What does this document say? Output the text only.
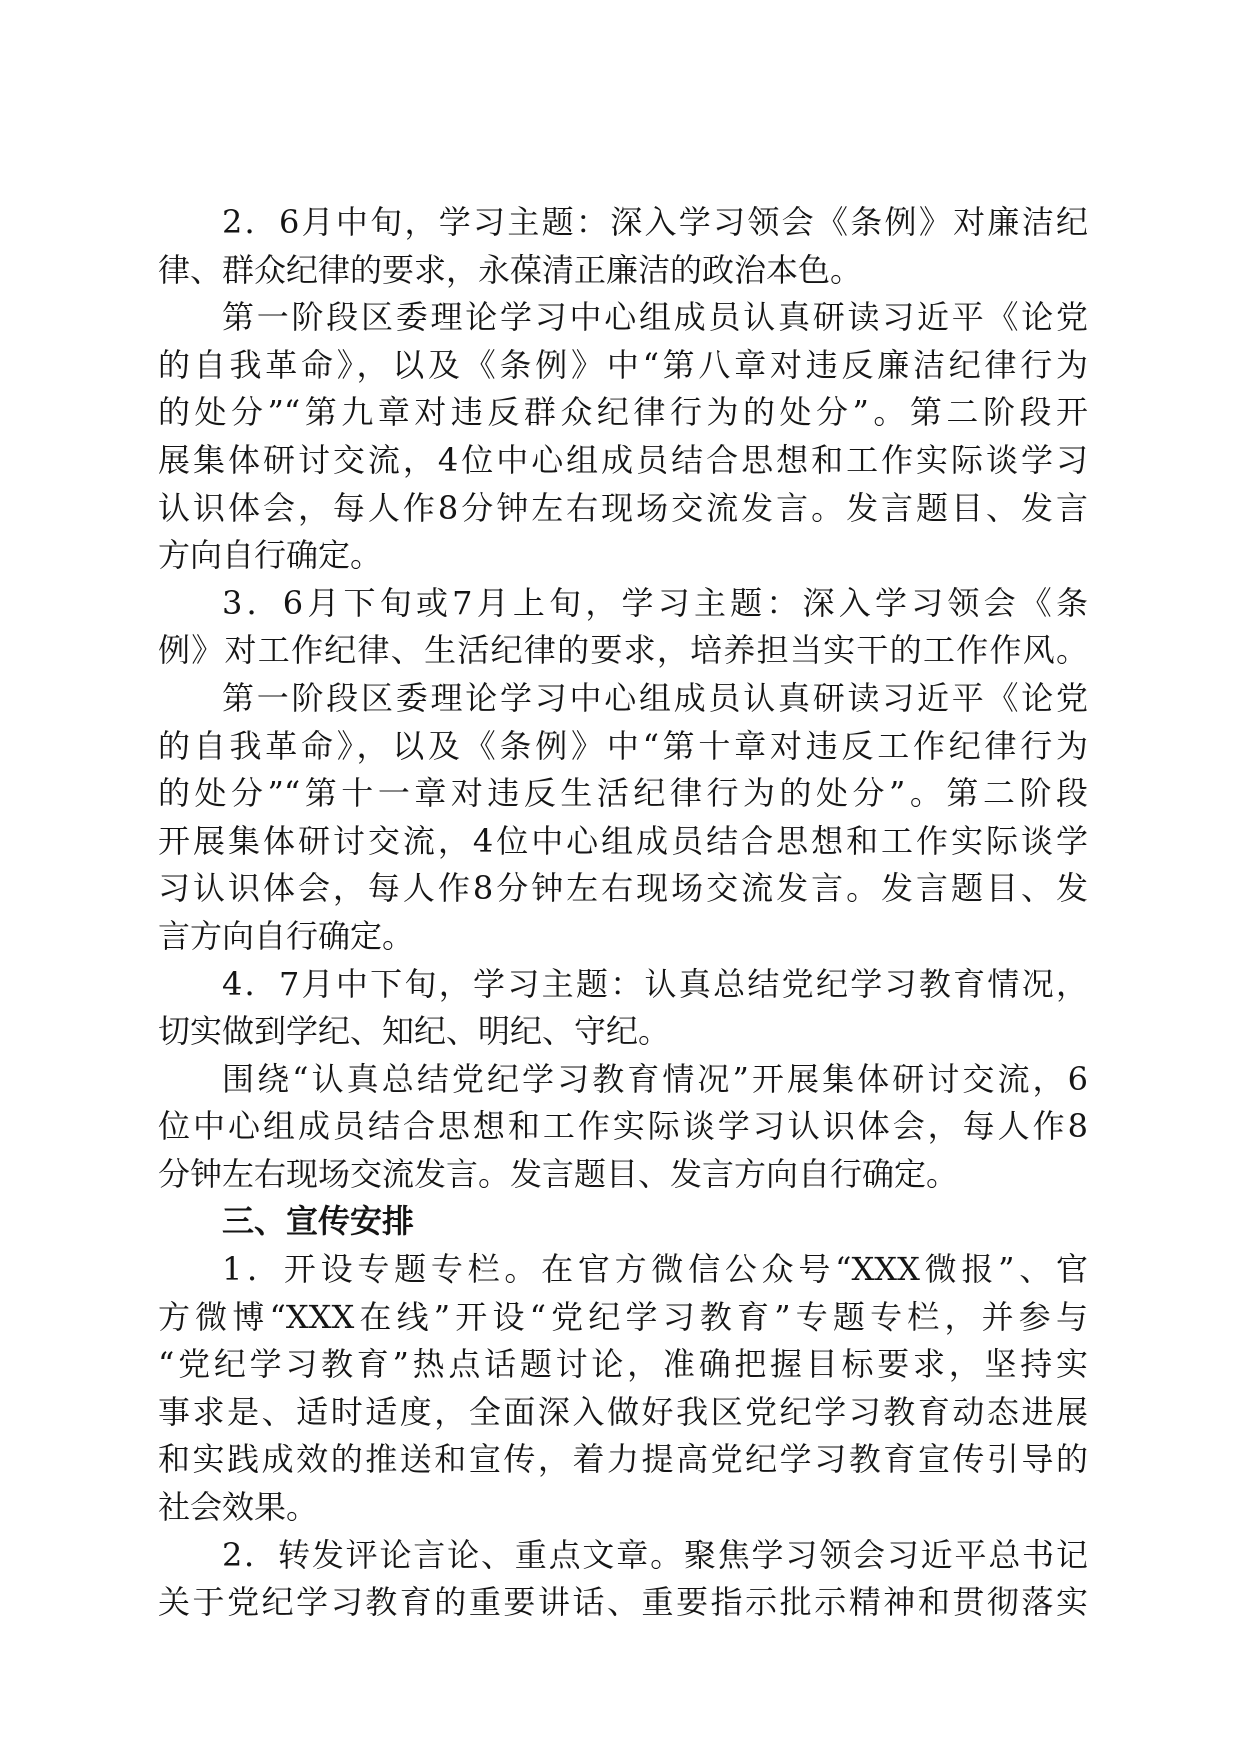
2．6月中旬，学习主题：深入学习领会《条例》对廉洁纪
律、群众纪律的要求，永葆清正廉洁的政治本色。
第一阶段区委理论学习中心组成员认真研读习近平《论党
的自我革命》，以及《条例》中“第八章对违反廉洁纪律行为
的处分”“第九章对违反群众纪律行为的处分”。第二阶段开
展集体研讨交流，4位中心组成员结合思想和工作实际谈学习
认识体会，每人作8分钟左右现场交流发言。发言题目、发言
方向自行确定。
3．6月下旬或7月上旬，学习主题：深入学习领会《条
例》对工作纪律、生活纪律的要求，培养担当实干的工作作风。
第一阶段区委理论学习中心组成员认真研读习近平《论党
的自我革命》，以及《条例》中“第十章对违反工作纪律行为
的处分”“第十一章对违反生活纪律行为的处分”。第二阶段
开展集体研讨交流，4位中心组成员结合思想和工作实际谈学
习认识体会，每人作8分钟左右现场交流发言。发言题目、发
言方向自行确定。
4．7月中下旬，学习主题：认真总结党纪学习教育情况，
切实做到学纪、知纪、明纪、守纪。
围绕“认真总结党纪学习教育情况”开展集体研讨交流，6
位中心组成员结合思想和工作实际谈学习认识体会，每人作8
分钟左右现场交流发言。发言题目、发言方向自行确定。
三、宣传安排
1．开设专题专栏。在官方微信公众号“XXX微报”、官
方微博“XXX在线”开设“党纪学习教育”专题专栏，并参与
“党纪学习教育”热点话题讨论，准确把握目标要求，坚持实
事求是、适时适度，全面深入做好我区党纪学习教育动态进展
和实践成效的推送和宣传，着力提高党纪学习教育宣传引导的
社会效果。
2．转发评论言论、重点文章。聚焦学习领会习近平总书记
关于党纪学习教育的重要讲话、重要指示批示精神和贯彻落实
